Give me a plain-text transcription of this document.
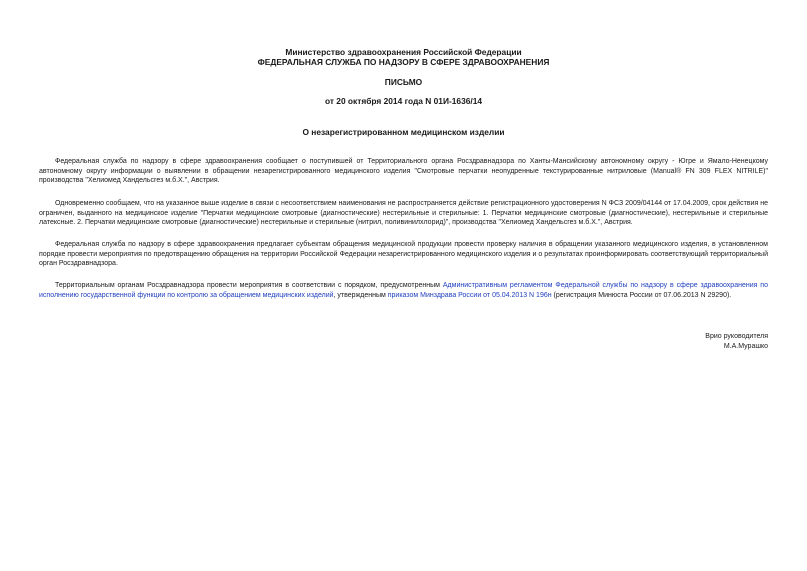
Министерство здравоохранения Российской Федерации
ФЕДЕРАЛЬНАЯ СЛУЖБА ПО НАДЗОРУ В СФЕРЕ ЗДРАВООХРАНЕНИЯ
ПИСЬМО
от 20 октября 2014 года N 01И-1636/14
О незарегистрированном медицинском изделии

Федеральная служба по надзору в сфере здравоохранения сообщает о поступившей от Территориального органа Росздравнадзора по Ханты-Мансийскому автономному округу - Югре и Ямало-Ненецкому автономному округу информации о выявлении в обращении незарегистрированного медицинского изделия "Смотровые перчатки неопудренные текстурированные нитриловые (Manual® FN 309 FLEX NITRILE)" производства "Хелиомед Хандельсгез м.б.Х.", Австрия.

Одновременно сообщаем, что на указанное выше изделие в связи с несоответствием наименования не распространяется действие регистрационного удостоверения N ФСЗ 2009/04144 от 17.04.2009, срок действия не ограничен, выданного на медицинское изделие "Перчатки медицинские смотровые (диагностические) нестерильные и стерильные: 1. Перчатки медицинские смотровые (диагностические), нестерильные и стерильные латексные. 2. Перчатки медицинские смотровые (диагностические) нестерильные и стерильные (нитрил, поливинилхлорид)", производства "Хелиомед Хандельсгез м.б.Х.", Австрия.

Федеральная служба по надзору в сфере здравоохранения предлагает субъектам обращения медицинской продукции провести проверку наличия в обращении указанного медицинского изделия, в установленном порядке провести мероприятия по предотвращению обращения на территории Российской Федерации незарегистрированного медицинского изделия и о результатах проинформировать соответствующий территориальный орган Росздравнадзора.

Территориальным органам Росздравнадзора провести мероприятия в соответствии с порядком, предусмотренным Административным регламентом Федеральной службы по надзору в сфере здравоохранения по исполнению государственной функции по контролю за обращением медицинских изделий, утвержденным приказом Минздрава России от 05.04.2013 N 196н (регистрация Минюста России от 07.06.2013 N 29290).

Врио руководителя
М.А.Мурашко
